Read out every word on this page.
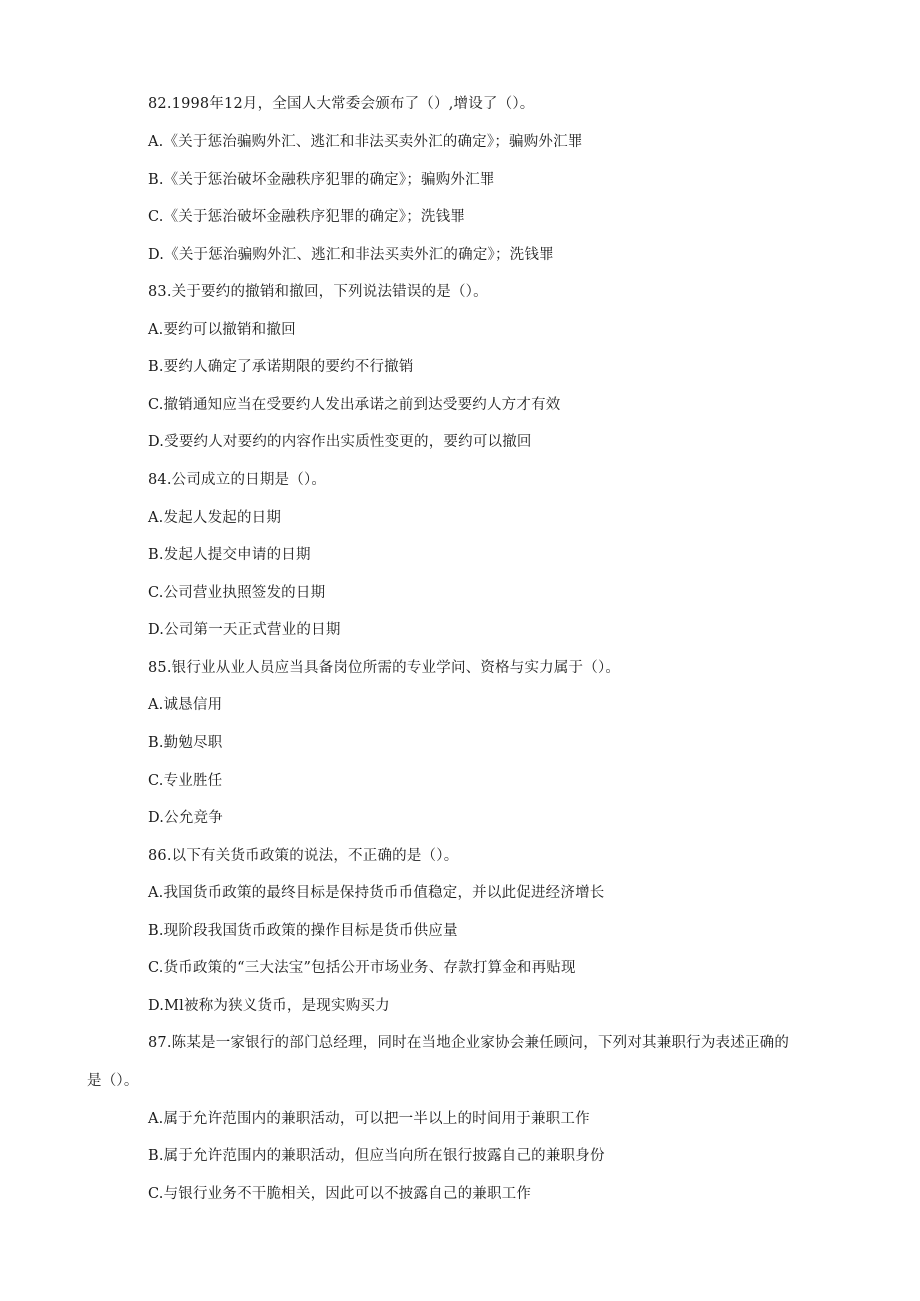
82.1998年12月，全国人大常委会颁布了（）,增设了（）。
A.《关于惩治骗购外汇、逃汇和非法买卖外汇的确定》；骗购外汇罪
B.《关于惩治破坏金融秩序犯罪的确定》；骗购外汇罪
C.《关于惩治破坏金融秩序犯罪的确定》；洗钱罪
D.《关于惩治骗购外汇、逃汇和非法买卖外汇的确定》；洗钱罪
83.关于要约的撤销和撤回，下列说法错误的是（）。
A.要约可以撤销和撤回
B.要约人确定了承诺期限的要约不行撤销
C.撤销通知应当在受要约人发出承诺之前到达受要约人方才有效
D.受要约人对要约的内容作出实质性变更的，要约可以撤回
84.公司成立的日期是（）。
A.发起人发起的日期
B.发起人提交申请的日期
C.公司营业执照签发的日期
D.公司第一天正式营业的日期
85.银行业从业人员应当具备岗位所需的专业学问、资格与实力属于（）。
A.诚恳信用
B.勤勉尽职
C.专业胜任
D.公允竞争
86.以下有关货币政策的说法，不正确的是（）。
A.我国货币政策的最终目标是保持货币币值稳定，并以此促进经济增长
B.现阶段我国货币政策的操作目标是货币供应量
C.货币政策的“三大法宝”包括公开市场业务、存款打算金和再贴现
D.Ml被称为狭义货币，是现实购买力
87.陈某是一家银行的部门总经理，同时在当地企业家协会兼任顾问，下列对其兼职行为表述正确的
是（）。
A.属于允许范围内的兼职活动，可以把一半以上的时间用于兼职工作
B.属于允许范围内的兼职活动，但应当向所在银行披露自己的兼职身份
C.与银行业务不干脆相关，因此可以不披露自己的兼职工作
